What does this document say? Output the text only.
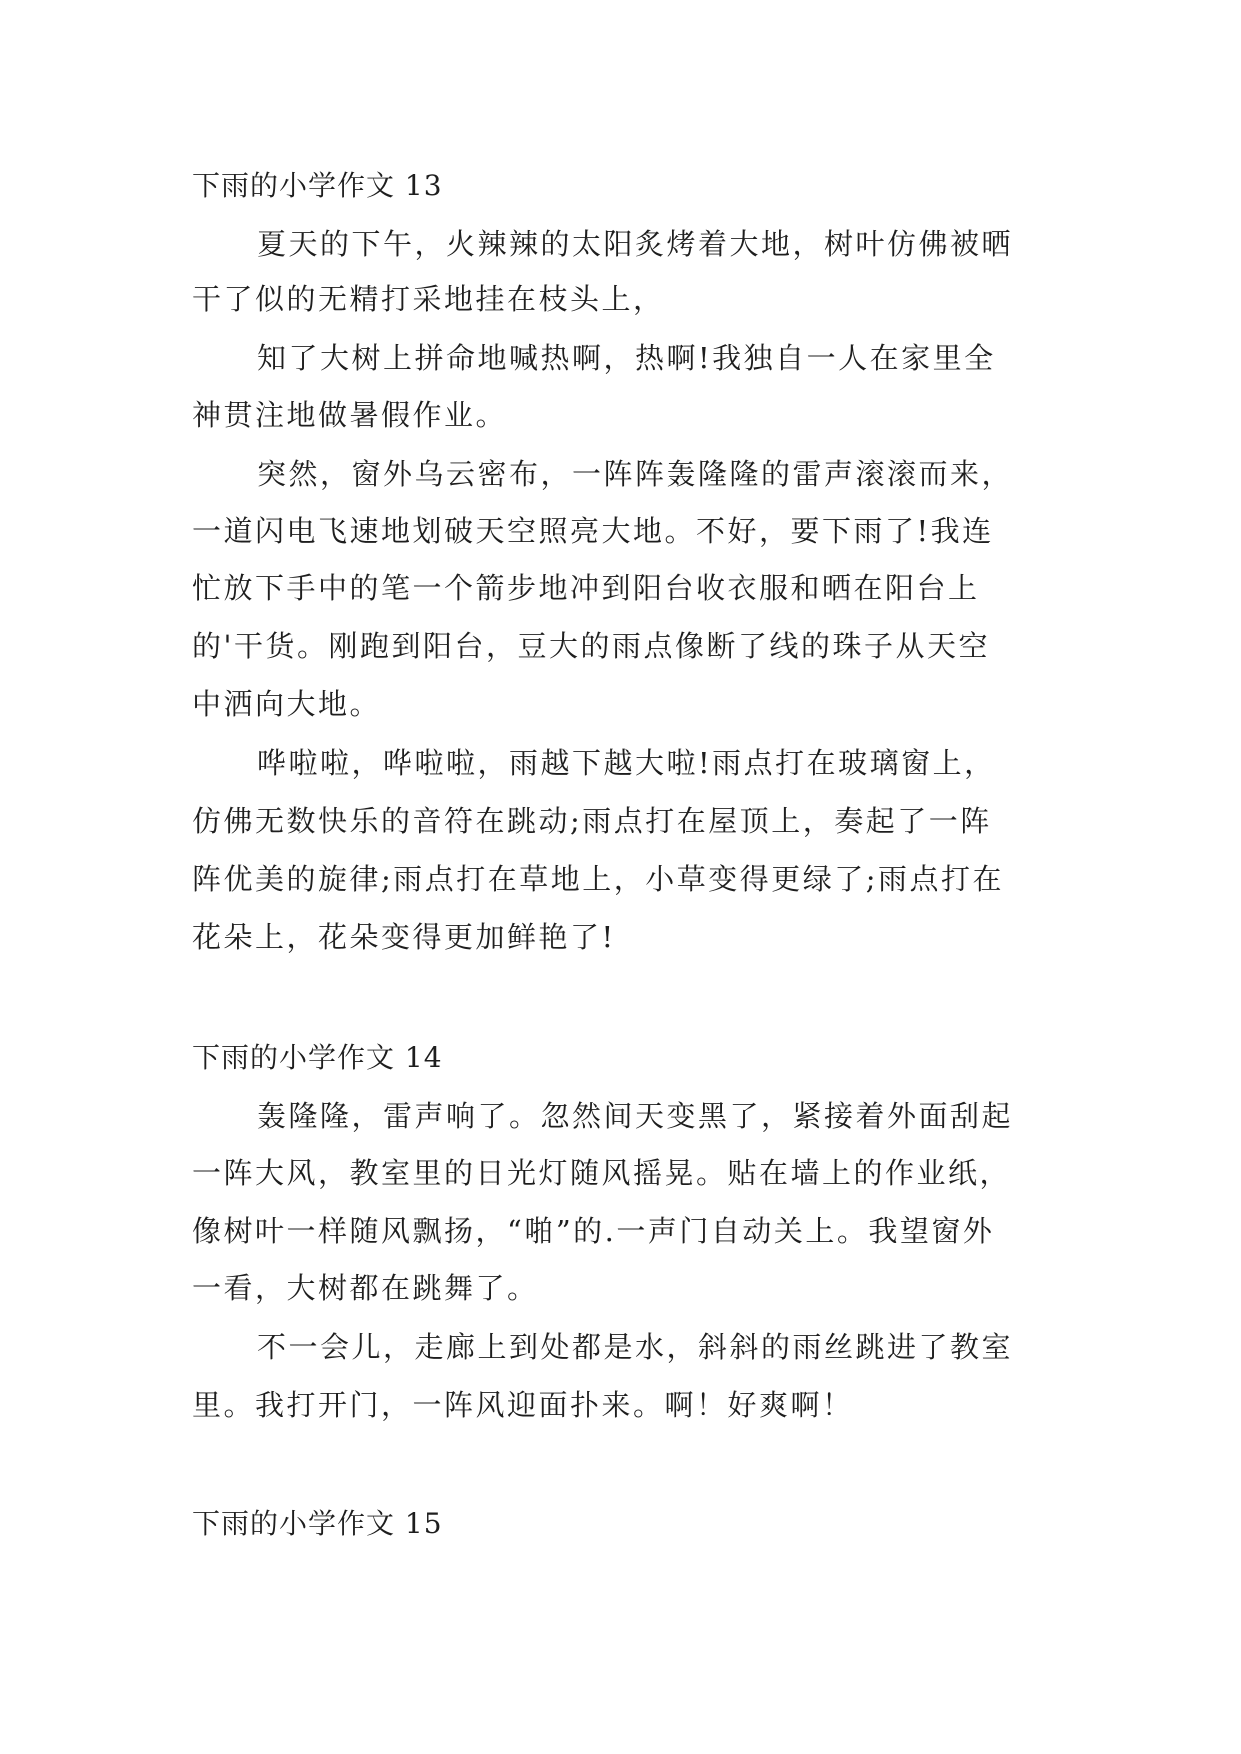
下雨的小学作文 13
夏天的下午，火辣辣的太阳炙烤着大地，树叶仿佛被晒
干了似的无精打采地挂在枝头上，
知了大树上拼命地喊热啊，热啊!我独自一人在家里全
神贯注地做暑假作业。
突然，窗外乌云密布，一阵阵轰隆隆的雷声滚滚而来，
一道闪电飞速地划破天空照亮大地。不好，要下雨了!我连
忙放下手中的笔一个箭步地冲到阳台收衣服和晒在阳台上
的'干货。刚跑到阳台，豆大的雨点像断了线的珠子从天空
中洒向大地。
哗啦啦，哗啦啦，雨越下越大啦!雨点打在玻璃窗上，
仿佛无数快乐的音符在跳动;雨点打在屋顶上，奏起了一阵
阵优美的旋律;雨点打在草地上，小草变得更绿了;雨点打在
花朵上，花朵变得更加鲜艳了!
下雨的小学作文 14
轰隆隆，雷声响了。忽然间天变黑了，紧接着外面刮起
一阵大风，教室里的日光灯随风摇晃。贴在墙上的作业纸，
像树叶一样随风飘扬，“啪”的.一声门自动关上。我望窗外
一看，大树都在跳舞了。
不一会儿，走廊上到处都是水，斜斜的雨丝跳进了教室
里。我打开门，一阵风迎面扑来。啊！好爽啊！
下雨的小学作文 15
